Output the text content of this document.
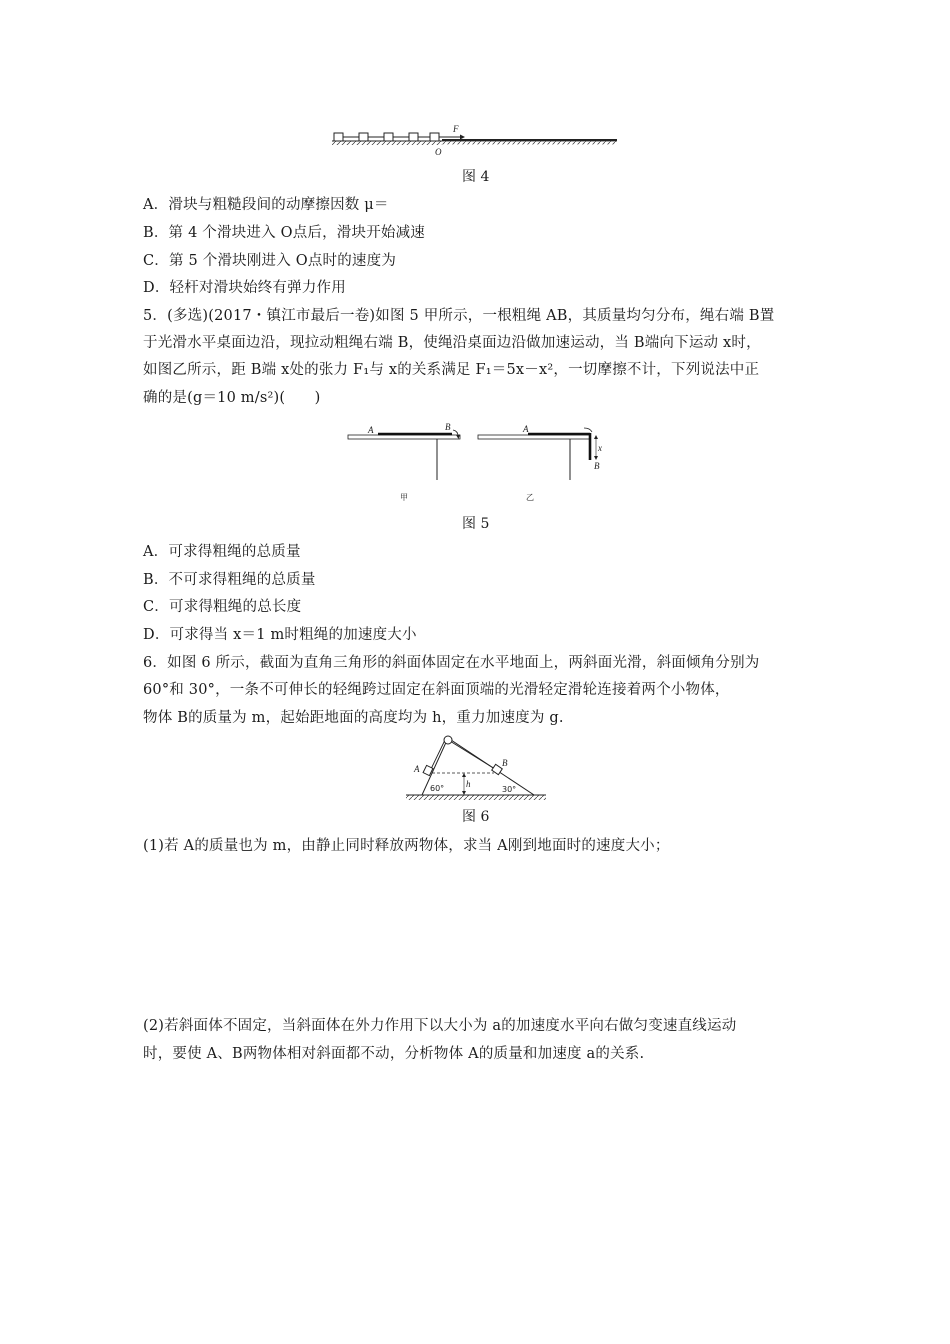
F
O
图 4
A．滑块与粗糙段间的动摩擦因数 μ＝
B．第 4 个滑块进入 O点后，滑块开始减速
C．第 5 个滑块刚进入 O点时的速度为
D．轻杆对滑块始终有弹力作用
5．(多选)(2017・镇江市最后一卷)如图 5 甲所示，一根粗绳 AB，其质量均匀分布，绳右端 B置
于光滑水平桌面边沿，现拉动粗绳右端 B，使绳沿桌面边沿做加速运动，当 B端向下运动 x时，
如图乙所示，距 B端 x处的张力 F₁与 x的关系满足 F₁＝5x－x²，一切摩擦不计，下列说法中正
确的是(g＝10 m/s²)(　　)
A	B	A
x
B
甲	乙
图 5
A．可求得粗绳的总质量
B．不可求得粗绳的总质量
C．可求得粗绳的总长度
D．可求得当 x＝1 m时粗绳的加速度大小
6．如图 6 所示，截面为直角三角形的斜面体固定在水平地面上，两斜面光滑，斜面倾角分别为
60°和 30°，一条不可伸长的轻绳跨过固定在斜面顶端的光滑轻定滑轮连接着两个小物体，
物体 B的质量为 m，起始距地面的高度均为 h，重力加速度为 g.
A
B
h
60°	30°
图 6
(1)若 A的质量也为 m，由静止同时释放两物体，求当 A刚到地面时的速度大小；
(2)若斜面体不固定，当斜面体在外力作用下以大小为 a的加速度水平向右做匀变速直线运动
时，要使 A、B两物体相对斜面都不动，分析物体 A的质量和加速度 a的关系.
